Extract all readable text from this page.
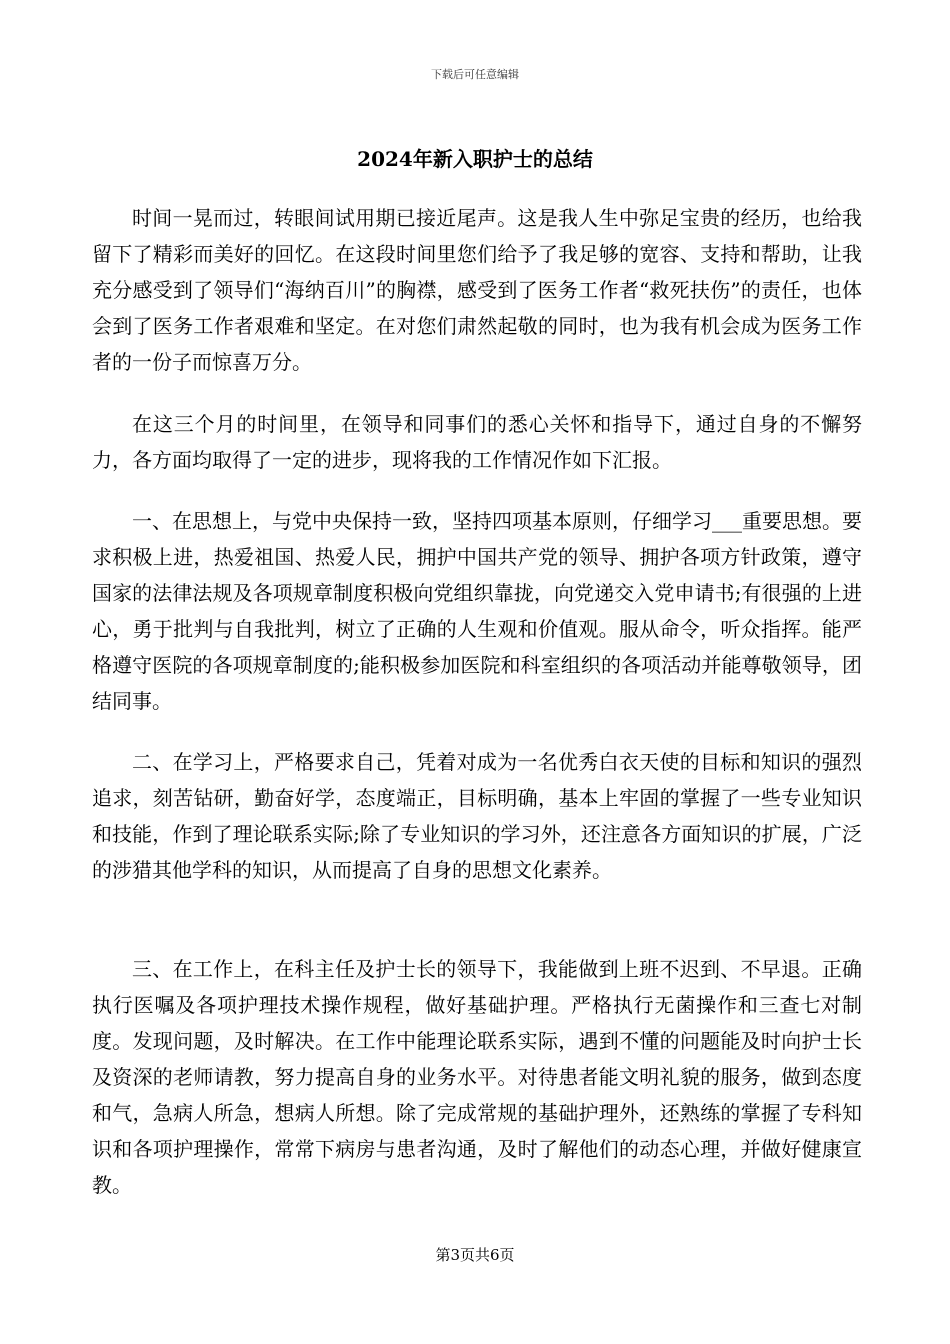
下载后可任意编辑
2024年新入职护士的总结

时间一晃而过，转眼间试用期已接近尾声。这是我人生中弥足宝贵的经历，也给我留下了精彩而美好的回忆。在这段时间里您们给予了我足够的宽容、支持和帮助，让我充分感受到了领导们“海纳百川”的胸襟，感受到了医务工作者“救死扶伤”的责任，也体会到了医务工作者艰难和坚定。在对您们肃然起敬的同时，也为我有机会成为医务工作者的一份子而惊喜万分。

在这三个月的时间里，在领导和同事们的悉心关怀和指导下，通过自身的不懈努力，各方面均取得了一定的进步，现将我的工作情况作如下汇报。

一、在思想上，与党中央保持一致，坚持四项基本原则，仔细学习___重要思想。要求积极上进，热爱祖国、热爱人民，拥护中国共产党的领导、拥护各项方针政策，遵守国家的法律法规及各项规章制度积极向党组织靠拢，向党递交入党申请书;有很强的上进心，勇于批判与自我批判，树立了正确的人生观和价值观。服从命令，听众指挥。能严格遵守医院的各项规章制度的;能积极参加医院和科室组织的各项活动并能尊敬领导，团结同事。

二、在学习上，严格要求自己，凭着对成为一名优秀白衣天使的目标和知识的强烈追求，刻苦钻研，勤奋好学，态度端正，目标明确，基本上牢固的掌握了一些专业知识和技能，作到了理论联系实际;除了专业知识的学习外，还注意各方面知识的扩展，广泛的涉猎其他学科的知识，从而提高了自身的思想文化素养。

三、在工作上，在科主任及护士长的领导下，我能做到上班不迟到、不早退。正确执行医嘱及各项护理技术操作规程，做好基础护理。严格执行无菌操作和三查七对制度。发现问题，及时解决。在工作中能理论联系实际，遇到不懂的问题能及时向护士长及资深的老师请教，努力提高自身的业务水平。对待患者能文明礼貌的服务，做到态度和气，急病人所急，想病人所想。除了完成常规的基础护理外，还熟练的掌握了专科知识和各项护理操作，常常下病房与患者沟通，及时了解他们的动态心理，并做好健康宣教。

第3页共6页
